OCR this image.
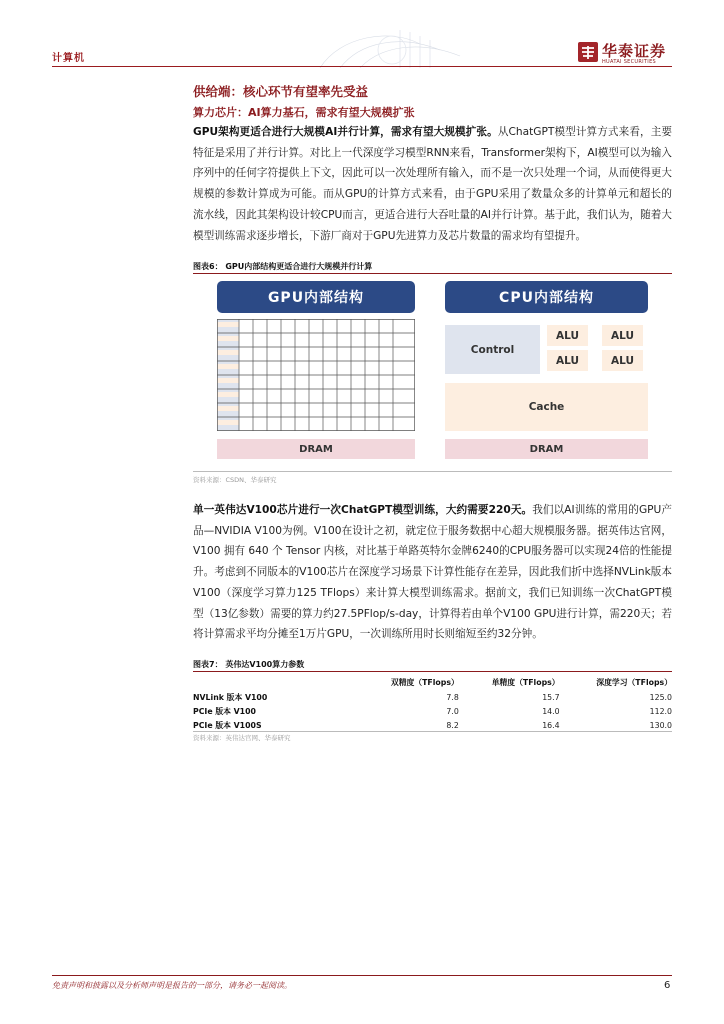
计算机	华泰证券
HUATAI SECURITIES
供给端：核心环节有望率先受益
算力芯片：AI算力基石，需求有望大规模扩张
GPU架构更适合进行大规模AI并行计算，需求有望大规模扩张。从ChatGPT模型计算方式来看，主要特征是采用了并行计算。对比上一代深度学习模型RNN来看，Transformer架构下，AI模型可以为输入序列中的任何字符提供上下文，因此可以一次处理所有输入，而不是一次只处理一个词，从而使得更大规模的参数计算成为可能。而从GPU的计算方式来看，由于GPU采用了数量众多的计算单元和超长的流水线，因此其架构设计较CPU而言，更适合进行大吞吐量的AI并行计算。基于此，我们认为，随着大模型训练需求逐步增长，下游厂商对于GPU先进算力及芯片数量的需求均有望提升。
图表6： GPU内部结构更适合进行大规模并行计算
GPU内部结构
DRAM
CPU内部结构
Control
ALU	ALU
ALU	ALU
Cache
DRAM
资料来源：CSDN、华泰研究
单一英伟达V100芯片进行一次ChatGPT模型训练，大约需要220天。我们以AI训练的常用的GPU产品—NVIDIA V100为例。V100在设计之初，就定位于服务数据中心超大规模服务器。据英伟达官网，V100 拥有 640 个 Tensor 内核，对比基于单路英特尔金牌6240的CPU服务器可以实现24倍的性能提升。考虑到不同版本的V100芯片在深度学习场景下计算性能存在差异，因此我们折中选择NVLink版本V100（深度学习算力125 TFlops）来计算大模型训练需求。据前文，我们已知训练一次ChatGPT模型（13亿参数）需要的算力约27.5PFlop/s-day，计算得若由单个V100 GPU进行计算，需220天；若将计算需求平均分摊至1万片GPU，一次训练所用时长则缩短至约32分钟。
图表7： 英伟达V100算力参数
	双精度（TFlops）	单精度（TFlops）	深度学习（TFlops）
NVLink 版本 V100	7.8	15.7	125.0
PCIe 版本 V100	7.0	14.0	112.0
PCIe 版本 V100S	8.2	16.4	130.0
资料来源：英伟达官网、华泰研究
免责声明和披露以及分析师声明是报告的一部分，请务必一起阅读。	6
